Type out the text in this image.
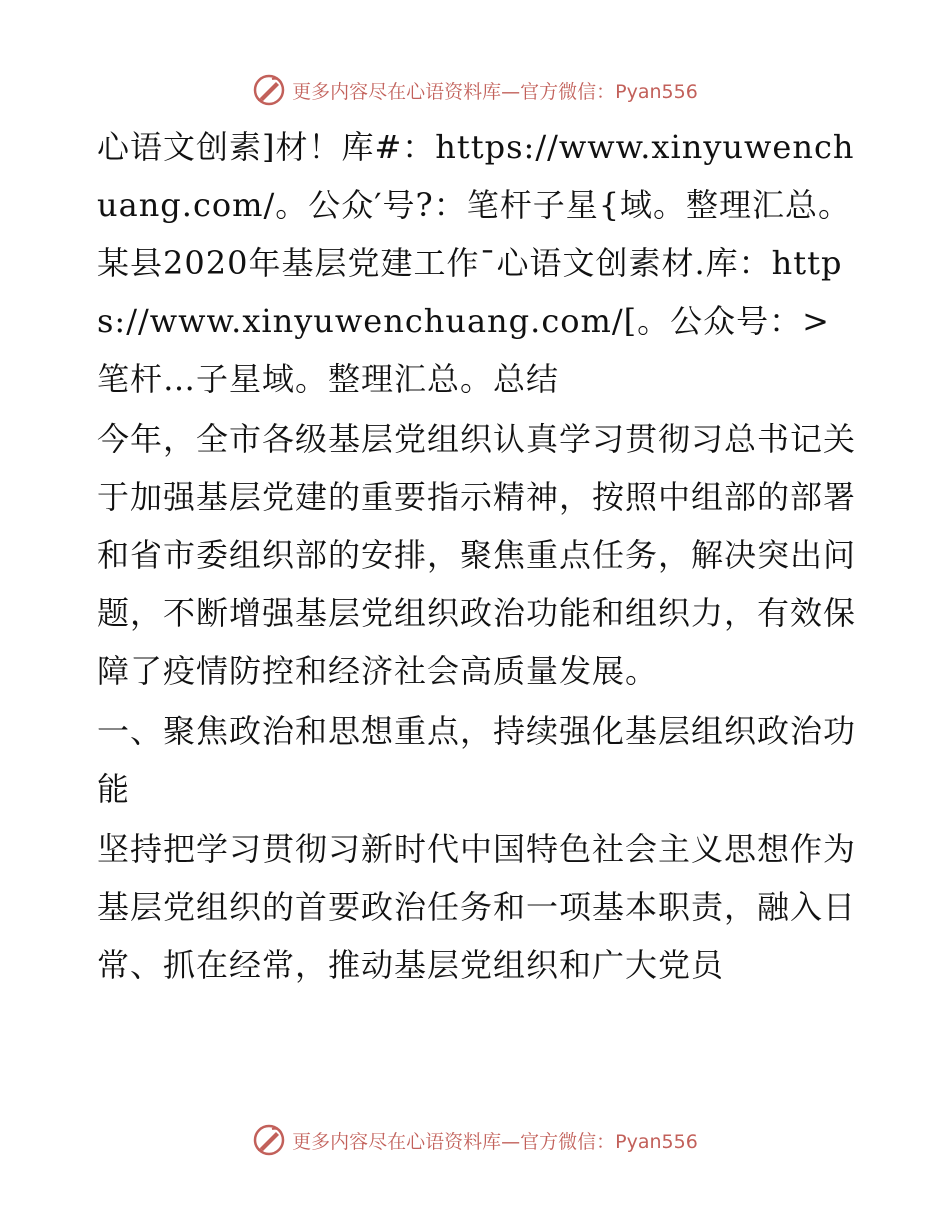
更多内容尽在心语资料库—官方微信：Pyan556

心语文创素]材！库#：https://www.xinyuwenchuang.com/。公众′号?：笔杆子星{域。整理汇总。某县2020年基层党建工作¯心语文创素材.库：https://www.xinyuwenchuang.com/[。公众号：>笔杆…子星域。整理汇总。总结

今年，全市各级基层党组织认真学习贯彻习总书记关于加强基层党建的重要指示精神，按照中组部的部署和省市委组织部的安排，聚焦重点任务，解决突出问题，不断增强基层党组织政治功能和组织力，有效保障了疫情防控和经济社会高质量发展。

一、聚焦政治和思想重点，持续强化基层组织政治功能

坚持把学习贯彻习新时代中国特色社会主义思想作为基层党组织的首要政治任务和一项基本职责，融入日常、抓在经常，推动基层党组织和广大党员

更多内容尽在心语资料库—官方微信：Pyan556
